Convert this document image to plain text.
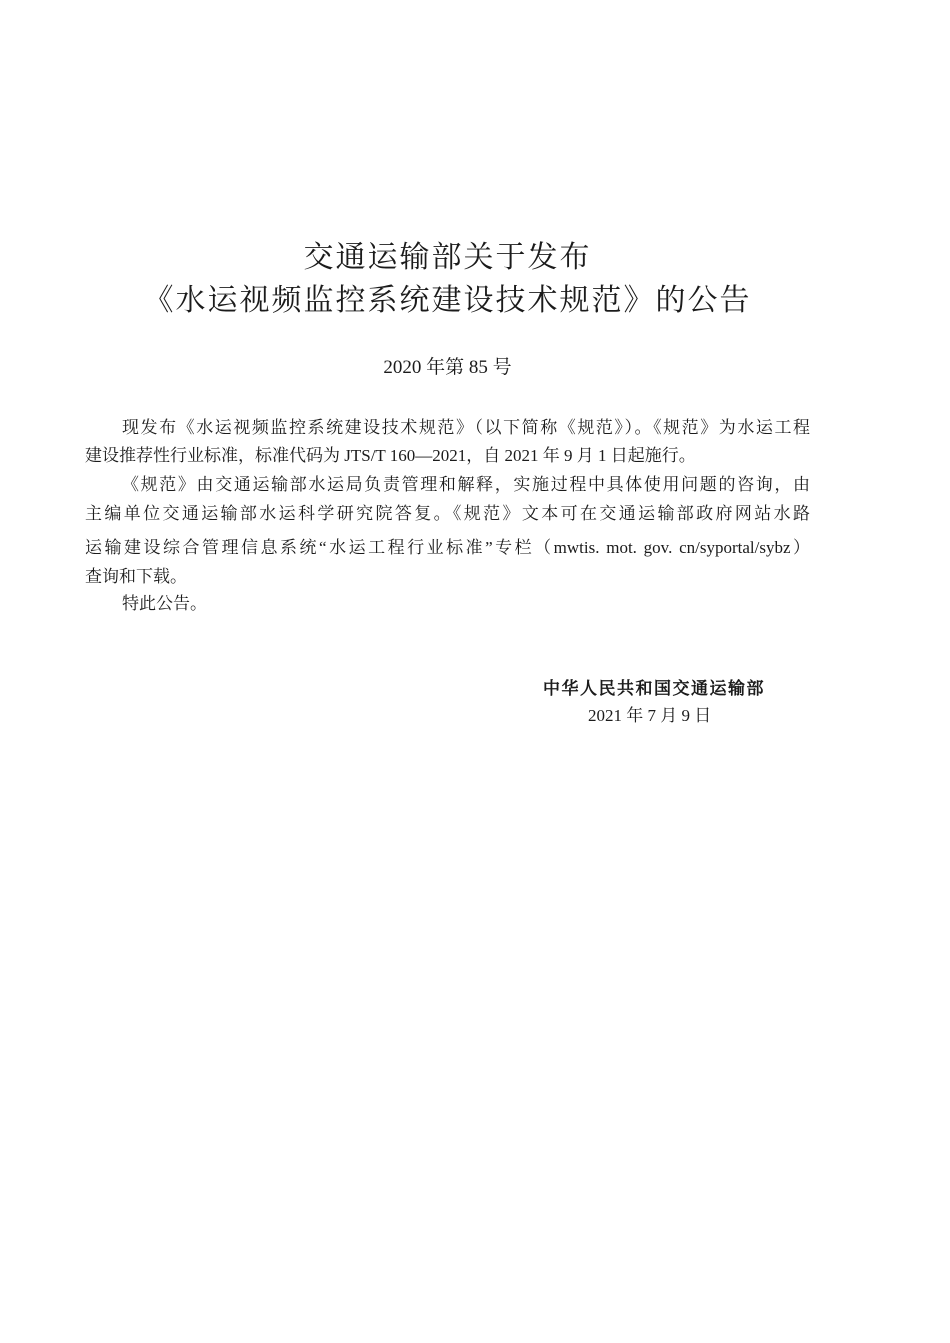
交通运输部关于发布
《水运视频监控系统建设技术规范》的公告
2020 年第 85 号
现发布《水运视频监控系统建设技术规范》（以下简称《规范》）。《规范》为水运工程
建设推荐性行业标准，标准代码为 JTS/T 160—2021，自 2021 年 9 月 1 日起施行。
《规范》由交通运输部水运局负责管理和解释，实施过程中具体使用问题的咨询，由
主编单位交通运输部水运科学研究院答复。《规范》文本可在交通运输部政府网站水路
运输建设综合管理信息系统“水运工程行业标准”专栏（mwtis. mot. gov. cn/syportal/sybz）
查询和下载。
特此公告。
中华人民共和国交通运输部
2021 年 7 月 9 日
